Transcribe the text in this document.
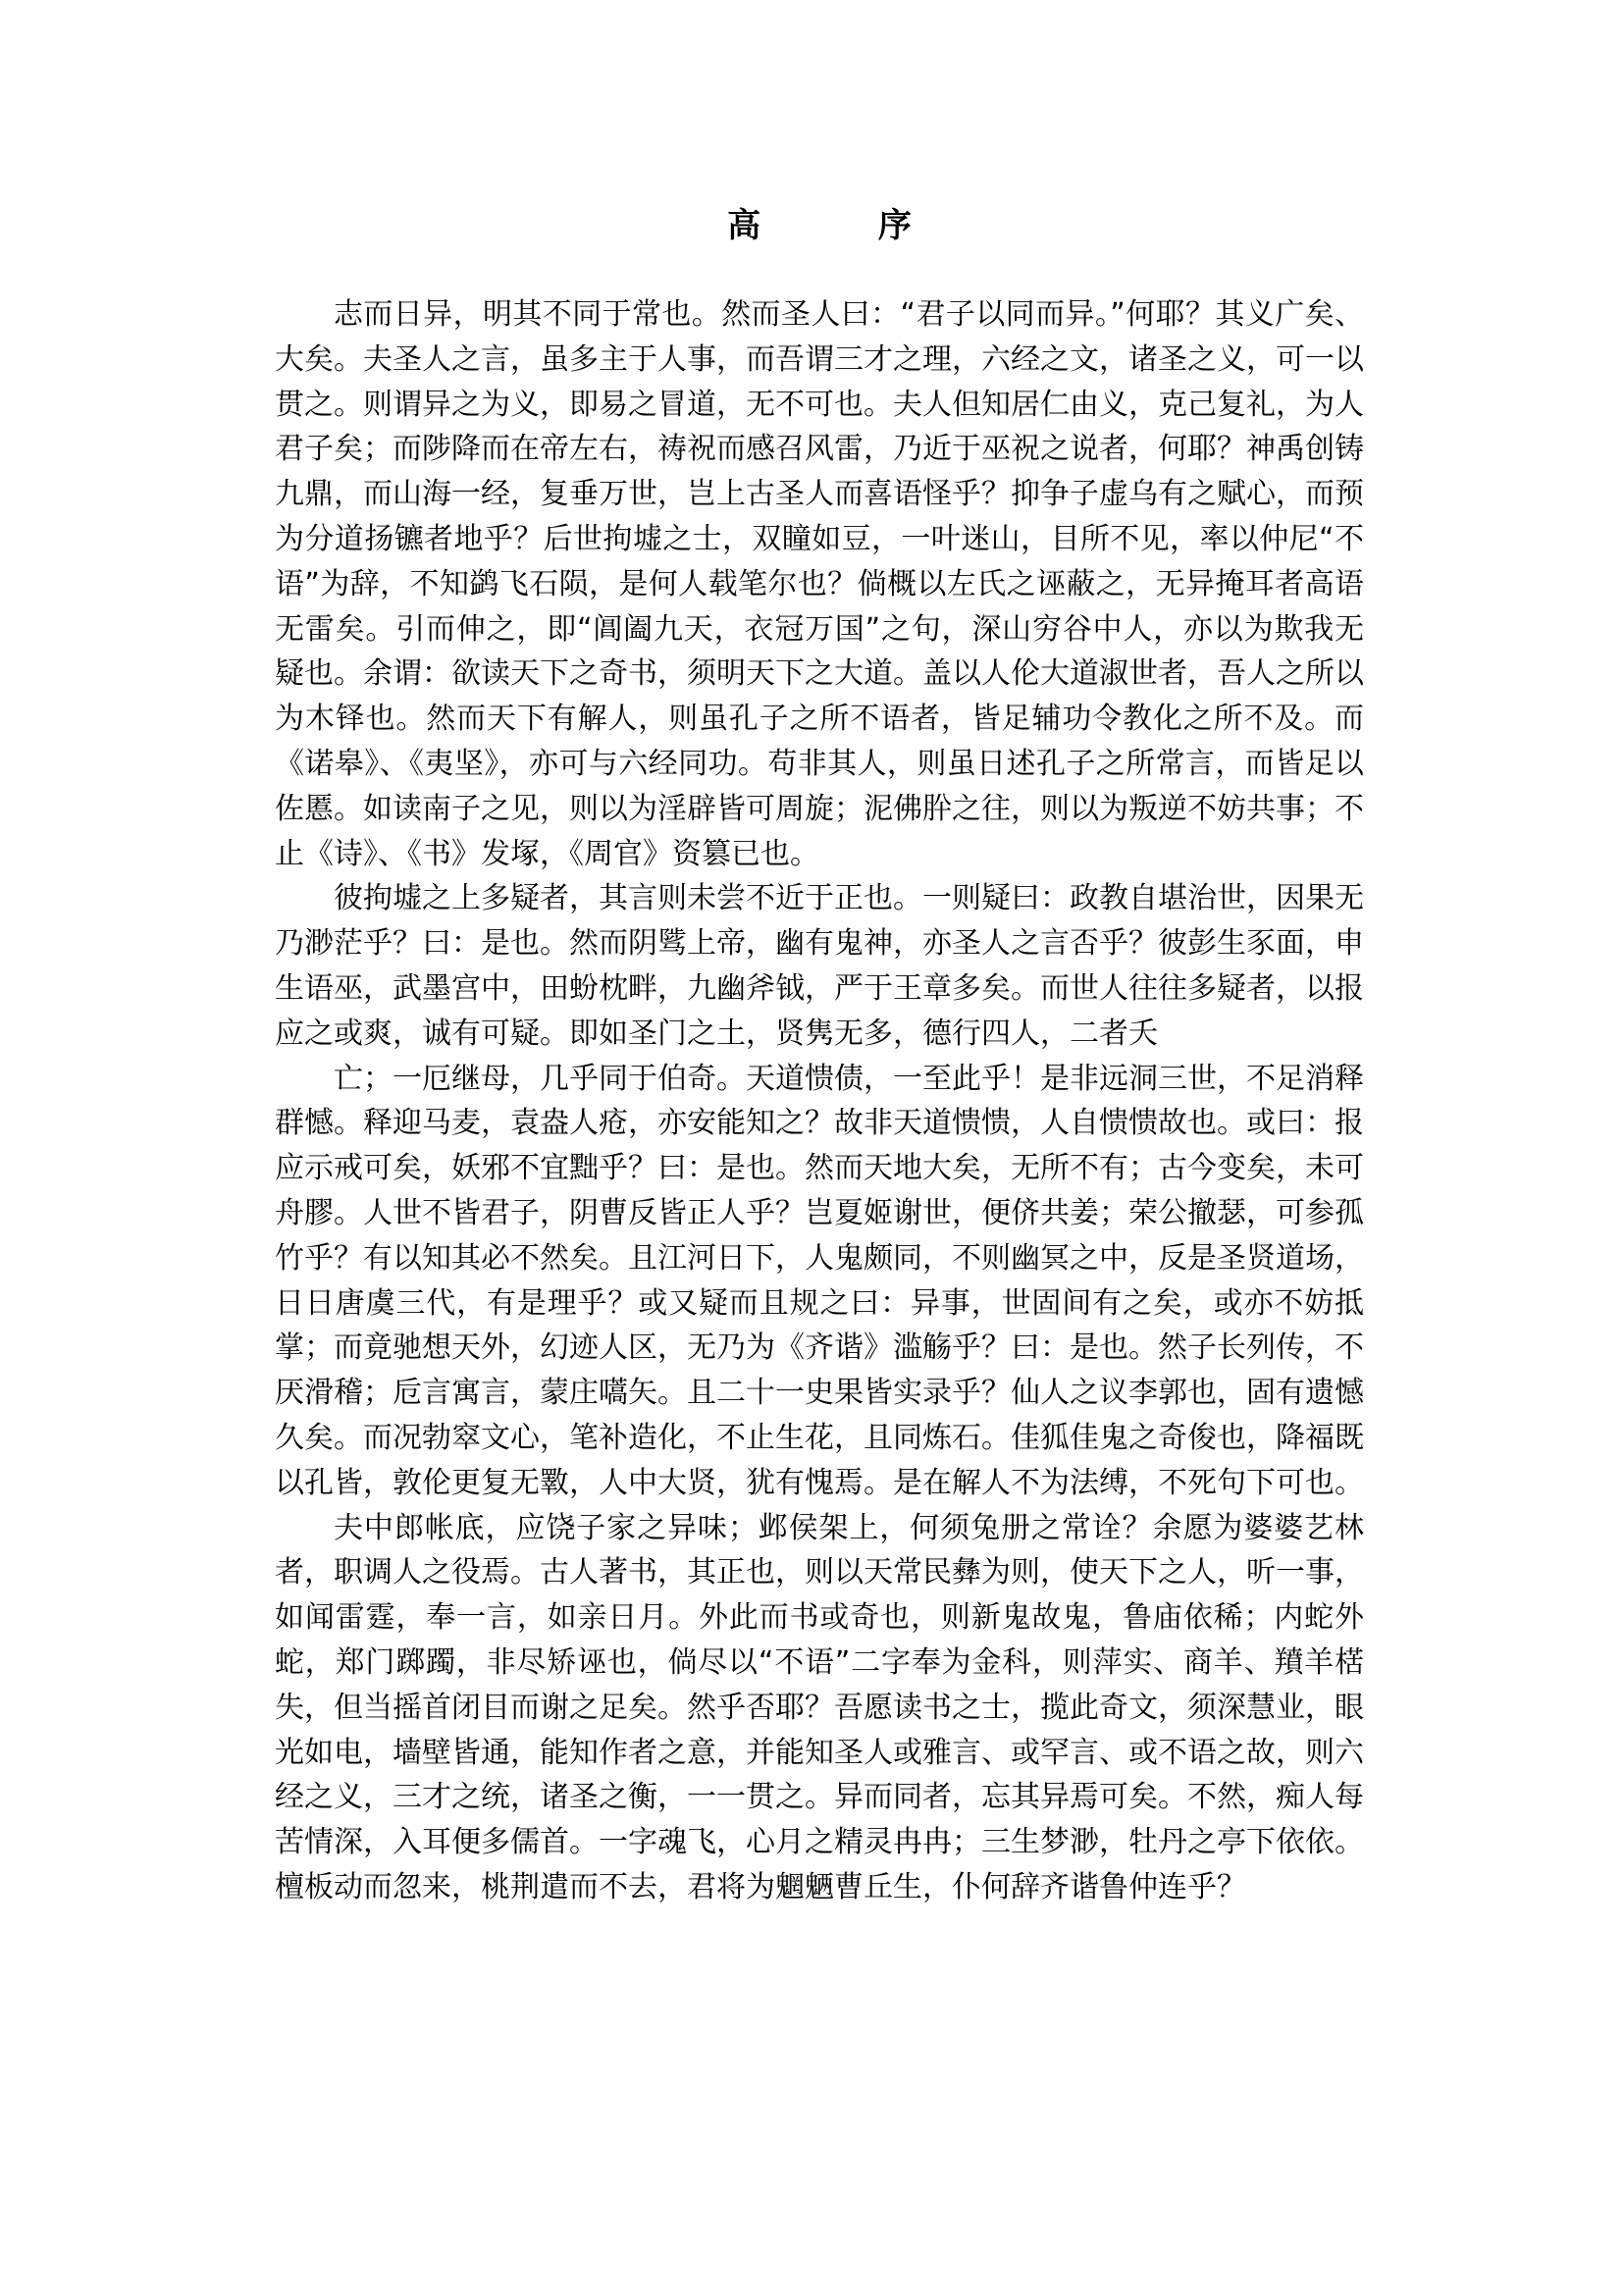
高 序

志而日异，明其不同于常也。然而圣人曰：“君子以同而异。”何耶？其义广矣、大矣。夫圣人之言，虽多主于人事，而吾谓三才之理，六经之文，诸圣之义，可一以贯之。则谓异之为义，即易之冒道，无不可也。夫人但知居仁由义，克己复礼，为人君子矣；而陟降而在帝左右，祷祝而感召风雷，乃近于巫祝之说者，何耶？神禹创铸九鼎，而山海一经，复垂万世，岂上古圣人而喜语怪乎？抑争子虚乌有之赋心，而预为分道扬镳者地乎？后世拘墟之士，双瞳如豆，一叶迷山，目所不见，率以仲尼“不语”为辞，不知鹢飞石陨，是何人载笔尔也？倘概以左氏之诬蔽之，无异掩耳者高语无雷矣。引而伸之，即“阊阖九天，衣冠万国”之句，深山穷谷中人，亦以为欺我无疑也。余谓：欲读天下之奇书，须明天下之大道。盖以人伦大道淑世者，吾人之所以为木铎也。然而天下有解人，则虽孔子之所不语者，皆足辅功令教化之所不及。而《诺皋》、《夷坚》，亦可与六经同功。苟非其人，则虽日述孔子之所常言，而皆足以佐慝。如读南子之见，则以为淫辟皆可周旋；泥佛肸之往，则以为叛逆不妨共事；不止《诗》、《书》发塚，《周官》资篡已也。

彼拘墟之上多疑者，其言则未尝不近于正也。一则疑曰：政教自堪治世，因果无乃渺茫乎？曰：是也。然而阴骘上帝，幽有鬼神，亦圣人之言否乎？彼彭生豕面，申生语巫，武墨宫中，田蚡枕畔，九幽斧钺，严于王章多矣。而世人往往多疑者，以报应之或爽，诚有可疑。即如圣门之土，贤隽无多，德行四人，二者夭

亡；一厄继母，几乎同于伯奇。天道愦债，一至此乎！是非远洞三世，不足消释群憾。释迎马麦，袁盎人疮，亦安能知之？故非天道愦愦，人自愦愦故也。或曰：报应示戒可矣，妖邪不宜黜乎？曰：是也。然而天地大矣，无所不有；古今变矣，未可舟膠。人世不皆君子，阴曹反皆正人乎？岂夏姬谢世，便侪共姜；荣公撤瑟，可参孤竹乎？有以知其必不然矣。且江河日下，人鬼颇同，不则幽冥之中，反是圣贤道场，日日唐虞三代，有是理乎？或又疑而且规之曰：异事，世固间有之矣，或亦不妨抵掌；而竟驰想天外，幻迹人区，无乃为《齐谐》滥觞乎？曰：是也。然子长列传，不厌滑稽；卮言寓言，蒙庄嚆矢。且二十一史果皆实录乎？仙人之议李郭也，固有遗憾久矣。而况勃窣文心，笔补造化，不止生花，且同炼石。佳狐佳鬼之奇俊也，降福既以孔皆，敦伦更复无斁，人中大贤，犹有愧焉。是在解人不为法缚，不死句下可也。

夫中郎帐底，应饶子家之异味；邺侯架上，何须兔册之常诠？余愿为婆婆艺林者，职调人之役焉。古人著书，其正也，则以天常民彝为则，使天下之人，听一事，如闻雷霆，奉一言，如亲日月。外此而书或奇也，则新鬼故鬼，鲁庙依稀；内蛇外蛇，郑门踯躅，非尽矫诬也，倘尽以“不语”二字奉为金科，则萍实、商羊、羵羊楛失，但当摇首闭目而谢之足矣。然乎否耶？吾愿读书之士，揽此奇文，须深慧业，眼光如电，墙壁皆通，能知作者之意，并能知圣人或雅言、或罕言、或不语之故，则六经之义，三才之统，诸圣之衡，一一贯之。异而同者，忘其异焉可矣。不然，痴人每苦情深，入耳便多儒首。一字魂飞，心月之精灵冉冉；三生梦渺，牡丹之亭下依依。檀板动而忽来，桃荆遣而不去，君将为魍魉曹丘生，仆何辞齐谐鲁仲连乎？
